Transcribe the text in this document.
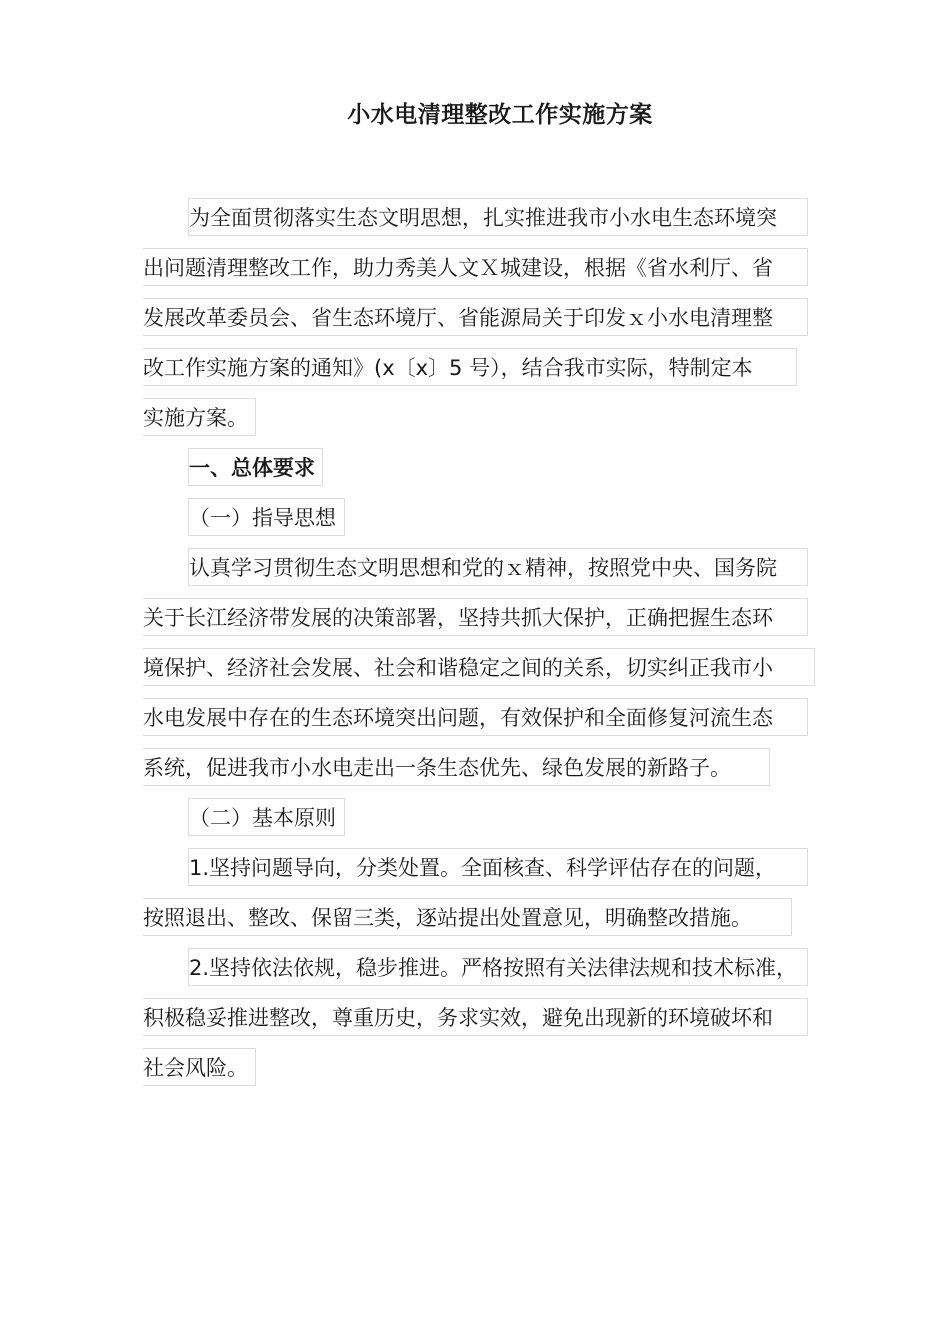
小水电清理整改工作实施方案
为全面贯彻落实生态文明思想，扎实推进我市小水电生态环境突
出问题清理整改工作，助力秀美人文Ｘ城建设，根据《省水利厅、省
发展改革委员会、省生态环境厅、省能源局关于印发ｘ小水电清理整
改工作实施方案的通知》(x〔x〕5 号），结合我市实际，特制定本
实施方案。
一、总体要求
（一）指导思想
认真学习贯彻生态文明思想和党的ｘ精神，按照党中央、国务院
关于长江经济带发展的决策部署，坚持共抓大保护，正确把握生态环
境保护、经济社会发展、社会和谐稳定之间的关系，切实纠正我市小
水电发展中存在的生态环境突出问题，有效保护和全面修复河流生态
系统，促进我市小水电走出一条生态优先、绿色发展的新路子。
（二）基本原则
1.坚持问题导向，分类处置。全面核查、科学评估存在的问题，
按照退出、整改、保留三类，逐站提出处置意见，明确整改措施。
2.坚持依法依规，稳步推进。严格按照有关法律法规和技术标准，
积极稳妥推进整改，尊重历史，务求实效，避免出现新的环境破坏和
社会风险。
